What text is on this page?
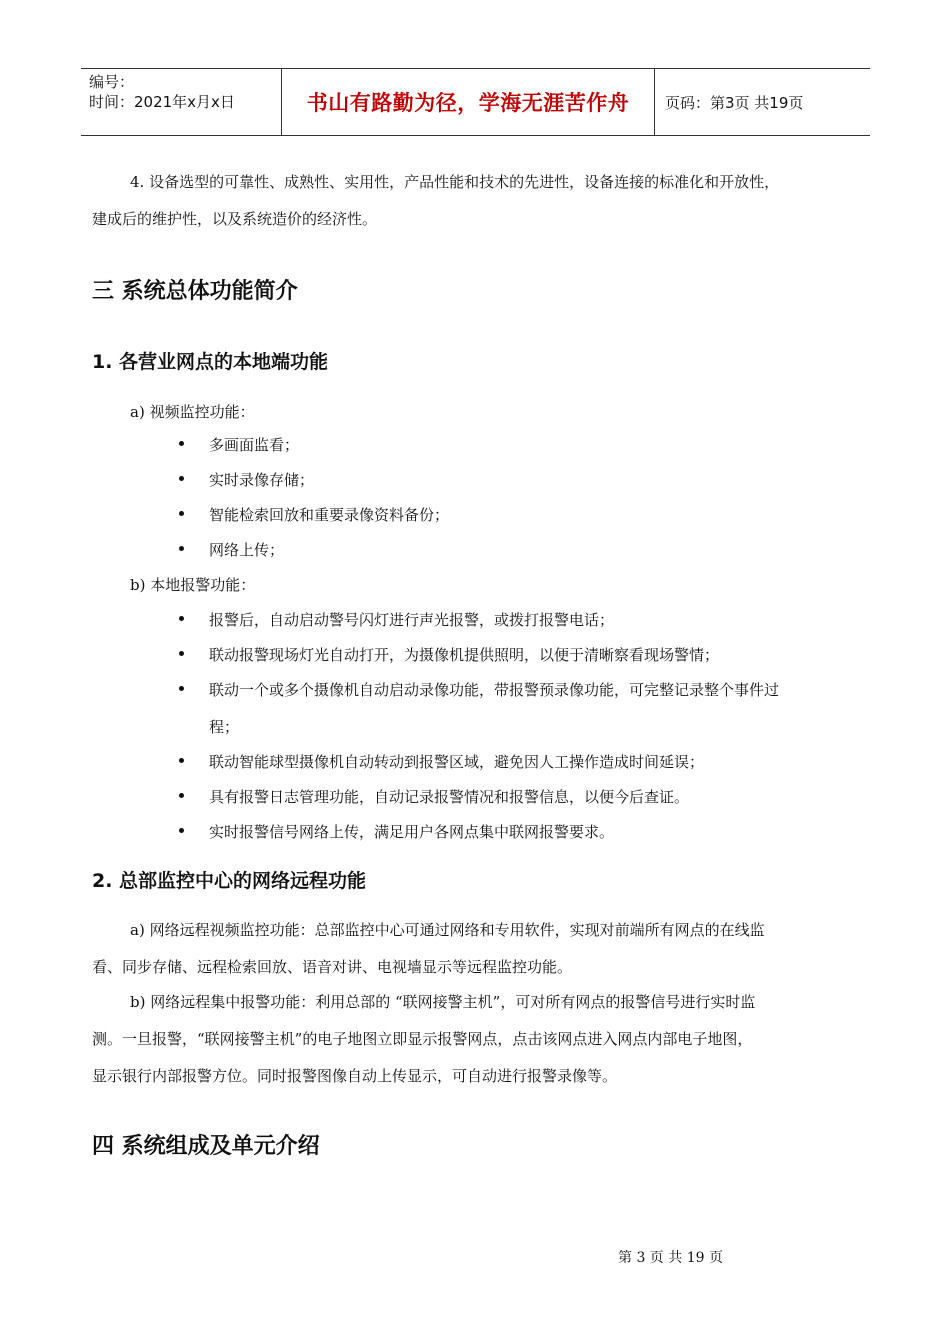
编号：
时间：2021年x月x日	书山有路勤为径，学海无涯苦作舟	页码：第3页 共19页
4. 设备选型的可靠性、成熟性、实用性，产品性能和技术的先进性，设备连接的标准化和开放性，
建成后的维护性，以及系统造价的经济性。
三 系统总体功能简介
1. 各营业网点的本地端功能
a) 视频监控功能：
多画面监看；
实时录像存储；
智能检索回放和重要录像资料备份；
网络上传；
b) 本地报警功能：
报警后，自动启动警号闪灯进行声光报警，或拨打报警电话；
联动报警现场灯光自动打开，为摄像机提供照明，以便于清晰察看现场警情；
联动一个或多个摄像机自动启动录像功能，带报警预录像功能，可完整记录整个事件过
程；
联动智能球型摄像机自动转动到报警区域，避免因人工操作造成时间延误；
具有报警日志管理功能，自动记录报警情况和报警信息，以便今后查证。
实时报警信号网络上传，满足用户各网点集中联网报警要求。
2. 总部监控中心的网络远程功能
a) 网络远程视频监控功能：总部监控中心可通过网络和专用软件，实现对前端所有网点的在线监
看、同步存储、远程检索回放、语音对讲、电视墙显示等远程监控功能。
b) 网络远程集中报警功能：利用总部的 “联网接警主机”，可对所有网点的报警信号进行实时监
测。一旦报警，“联网接警主机”的电子地图立即显示报警网点，点击该网点进入网点内部电子地图，
显示银行内部报警方位。同时报警图像自动上传显示，可自动进行报警录像等。
四 系统组成及单元介绍
第 3 页 共 19 页
